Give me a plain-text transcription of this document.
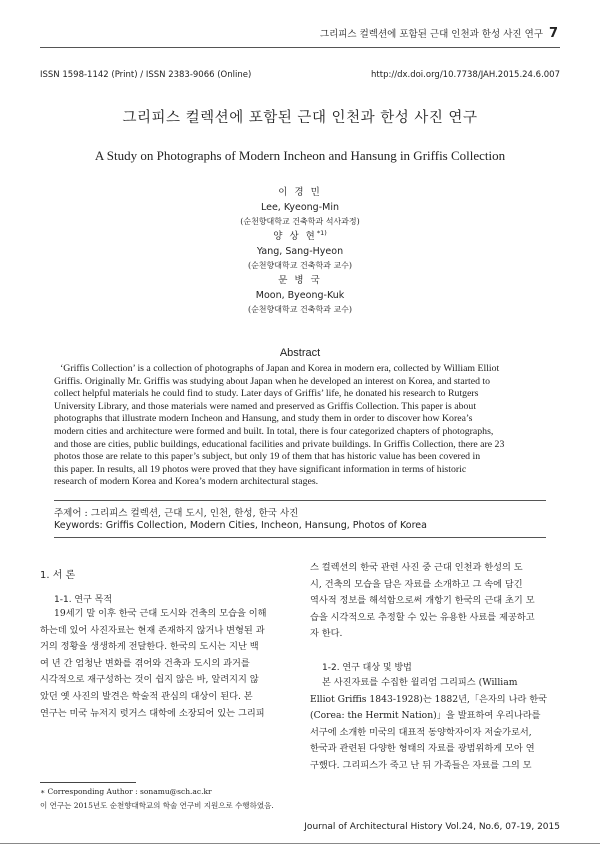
그리피스 컬렉션에 포함된 근대 인천과 한성 사진 연구 7
ISSN 1598-1142 (Print) / ISSN 2383-9066 (Online)	http://dx.doi.org/10.7738/JAH.2015.24.6.007
그리피스 컬렉션에 포함된 근대 인천과 한성 사진 연구
A Study on Photographs of Modern Incheon and Hansung in Griffis Collection
이 경 민
Lee, Kyeong-Min
(순천향대학교 건축학과 석사과정)
양 상 현$^{*1)}$
Yang, Sang-Hyeon
(순천향대학교 건축학과 교수)
문 병 국
Moon, Byeong-Kuk
(순천향대학교 건축학과 교수)
Abstract
‘Griffis Collection’ is a collection of photographs of Japan and Korea in modern era, collected by William Elliot
Griffis. Originally Mr. Griffis was studying about Japan when he developed an interest on Korea, and started to
collect helpful materials he could find to study. Later days of Griffis’ life, he donated his research to Rutgers
University Library, and those materials were named and preserved as Griffis Collection. This paper is about
photographs that illustrate modern Incheon and Hansung, and study them in order to discover how Korea’s
modern cities and architecture were formed and built. In total, there is four categorized chapters of photographs,
and those are cities, public buildings, educational facilities and private buildings. In Griffis Collection, there are 23
photos those are relate to this paper’s subject, but only 19 of them that has historic value has been covered in
this paper. In results, all 19 photos were proved that they have significant information in terms of historic
research of modern Korea and Korea’s modern architectural stages.
주제어 : 그리피스 컬렉션, 근대 도시, 인천, 한성, 한국 사진
Keywords: Griffis Collection, Modern Cities, Incheon, Hansung, Photos of Korea
1. 서 론
1-1. 연구 목적
19세기 말 이후 한국 근대 도시와 건축의 모습을 이해
하는데 있어 사진자료는 현재 존재하지 않거나 변형된 과
거의 정황을 생생하게 전달한다. 한국의 도시는 지난 백
여 년 간 엄청난 변화를 겪어와 건축과 도시의 과거를
시각적으로 재구성하는 것이 쉽지 않은 바, 알려지지 않
았던 옛 사진의 발견은 학술적 관심의 대상이 된다. 본
연구는 미국 뉴저지 럿거스 대학에 소장되어 있는 그리피
스 컬렉션의 한국 관련 사진 중 근대 인천과 한성의 도
시, 건축의 모습을 담은 자료를 소개하고 그 속에 담긴
역사적 정보를 해석함으로써 개항기 한국의 근대 초기 모
습을 시각적으로 추정할 수 있는 유용한 사료를 제공하고
자 한다.
1-2. 연구 대상 및 방법
본 사진자료를 수집한 윌리엄 그리피스 (William
Elliot Griffis 1843-1928)는 1882년,「은자의 나라 한국
(Corea: the Hermit Nation)」을 발표하여 우리나라를
서구에 소개한 미국의 대표적 동양학자이자 저술가로서,
한국과 관련된 다양한 형태의 자료를 광범위하게 모아 연
구했다. 그리피스가 죽고 난 뒤 가족들은 자료를 그의 모
∗ Corresponding Author : sonamu@sch.ac.kr
이 연구는 2015년도 순천향대학교의 학술 연구비 지원으로 수행하였음.
Journal of Architectural History Vol.24, No.6, 07-19, 2015
